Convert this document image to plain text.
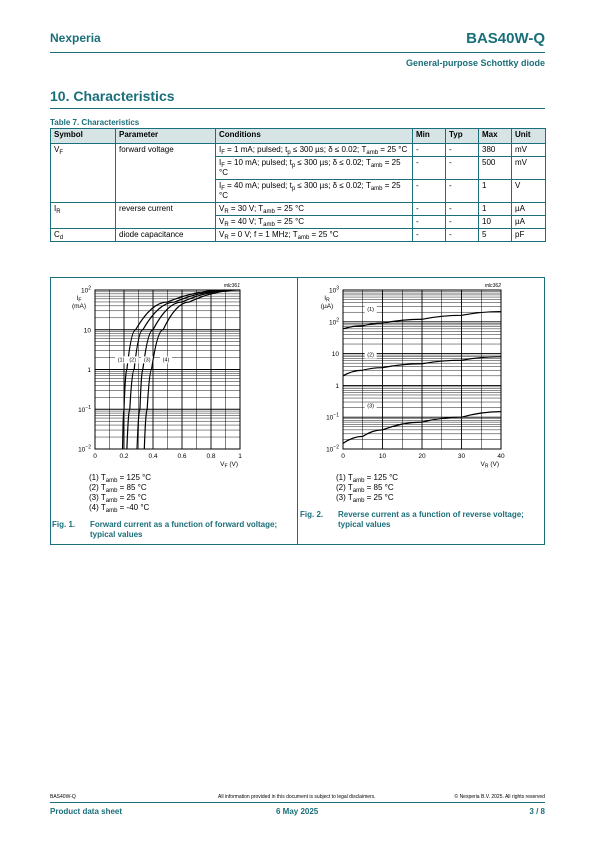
Nexperia	BAS40W-Q
General-purpose Schottky diode
10. Characteristics
Table 7. Characteristics
Symbol	Parameter	Conditions	Min	Typ	Max	Unit
$V_F$	forward voltage	$I_F = 1$ mA; pulsed; $t_p \le 300$ µs; δ ≤ 0.02; $T_{amb} = 25$ °C	-	-	380	mV
		$I_F = 10$ mA; pulsed; $t_p \le 300$ µs; δ ≤ 0.02; $T_{amb} = 25$ °C	-	-	500	mV
		$I_F = 40$ mA; pulsed; $t_p \le 300$ µs; δ ≤ 0.02; $T_{amb} = 25$ °C	-	-	1	V
$I_R$	reverse current	$V_R = 30$ V; $T_{amb} = 25$ °C	-	-	1	µA
		$V_R = 40$ V; $T_{amb} = 25$ °C	-	-	10	µA
$C_d$	diode capacitance	$V_R = 0$ V; f = 1 MHz; $T_{amb} = 25$ °C	-	-	5	pF
0	0.2	0.4	0.6	0.8	1
$10^{-2}$
$10^{-1}$
1
10
$10^2$
$I_F$
(mA)
$V_F$ (V)
mlc361
(1) (2) (3) (4)
0	10	20	30	40
$10^{-2}$
$10^{-1}$
1
10
$10^2$
$10^3$
$I_R$
(µA)
$V_R$ (V)
mlc362
(1)
(2)
(3)
(1) $T_{amb} = 125$ °C
(2) $T_{amb} = 85$ °C
(3) $T_{amb} = 25$ °C
(4) $T_{amb} = -40$ °C
(1) $T_{amb} = 125$ °C
(2) $T_{amb} = 85$ °C
(3) $T_{amb} = 25$ °C
Fig. 1. Forward current as a function of forward voltage; typical values
Fig. 2. Reverse current as a function of reverse voltage; typical values
BAS40W-Q	All information provided in this document is subject to legal disclaimers.	© Nexperia B.V. 2025. All rights reserved
Product data sheet	6 May 2025	3 / 8
